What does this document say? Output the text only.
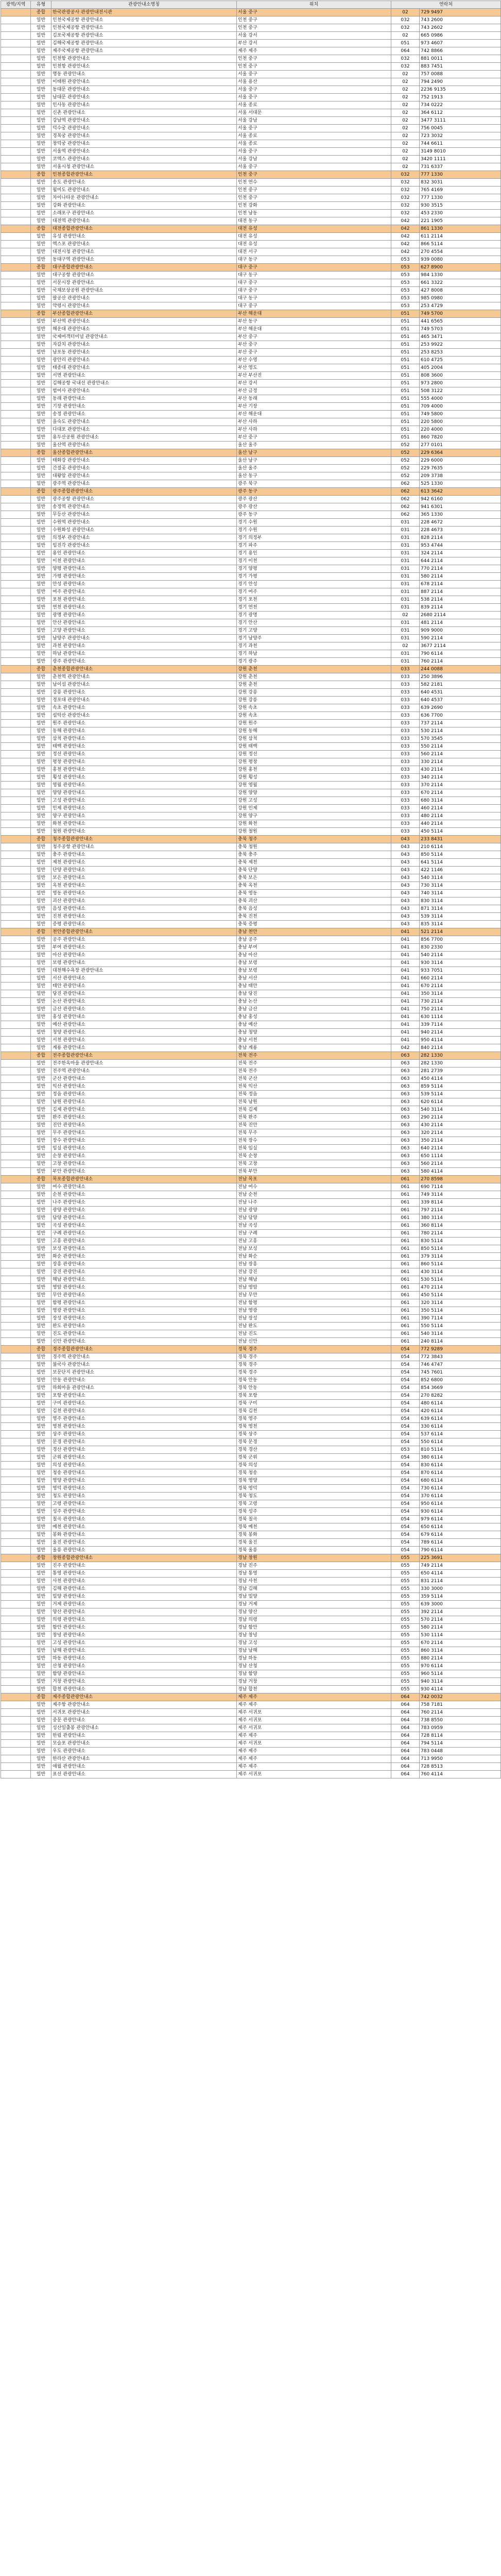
광역/지역	유형	관광안내소명칭	위치	연락처	
	종합	한국관광공사 관광안내전시관	서울 중구	02	729 9497
	일반	인천국제공항 관광안내소	인천 중구	032	743 2600
	일반	인천국제공항 관광안내소	인천 중구	032	743 2602
	일반	김포국제공항 관광안내소	서울 강서	02	665 0986
	일반	김해국제공항 관광안내소	부산 강서	051	973 4607
	일반	제주국제공항 관광안내소	제주 제주	064	742 8866
	일반	인천항 관광안내소	인천 중구	032	881 0011
	일반	인천항 관광안내소	인천 중구	032	883 7451
	일반	명동 관광안내소	서울 중구	02	757 0088
	일반	이태원 관광안내소	서울 용산	02	794 2490
	일반	동대문 관광안내소	서울 중구	02	2236 9135
	일반	남대문 관광안내소	서울 중구	02	752 1913
	일반	인사동 관광안내소	서울 종로	02	734 0222
	일반	신촌 관광안내소	서울 서대문	02	364 6112
	일반	강남역 관광안내소	서울 강남	02	3477 3111
	일반	덕수궁 관광안내소	서울 중구	02	756 0045
	일반	경복궁 관광안내소	서울 종로	02	723 3032
	일반	창덕궁 관광안내소	서울 종로	02	744 6611
	일반	서울역 관광안내소	서울 중구	02	3149 8010
	일반	코엑스 관광안내소	서울 강남	02	3420 1111
	일반	서울시청 관광안내소	서울 중구	02	731 6337
	종합	인천종합관광안내소	인천 중구	032	777 1330
	일반	송도 관광안내소	인천 연수	032	832 3031
	일반	월미도 관광안내소	인천 중구	032	765 4169
	일반	차이나타운 관광안내소	인천 중구	032	777 1330
	일반	강화 관광안내소	인천 강화	032	930 3515
	일반	소래포구 관광안내소	인천 남동	032	453 2330
	일반	대전역 관광안내소	대전 동구	042	221 1905
	종합	대전종합관광안내소	대전 유성	042	861 1330
	일반	유성 관광안내소	대전 유성	042	611 2114
	일반	엑스포 관광안내소	대전 유성	042	866 5114
	일반	대전시청 관광안내소	대전 서구	042	270 4554
	일반	동대구역 관광안내소	대구 동구	053	939 0080
	종합	대구종합관광안내소	대구 중구	053	627 8900
	일반	대구공항 관광안내소	대구 동구	053	984 1330
	일반	서문시장 관광안내소	대구 중구	053	661 3322
	일반	국채보상공원 관광안내소	대구 중구	053	427 8008
	일반	팔공산 관광안내소	대구 동구	053	985 0980
	일반	약령시 관광안내소	대구 중구	053	253 4729
	종합	부산종합관광안내소	부산 해운대	051	749 5700
	일반	부산역 관광안내소	부산 동구	051	441 6565
	일반	해운대 관광안내소	부산 해운대	051	749 5703
	일반	국제여객터미널 관광안내소	부산 중구	051	465 3471
	일반	자갈치 관광안내소	부산 중구	051	253 9922
	일반	남포동 관광안내소	부산 중구	051	253 8253
	일반	광안리 관광안내소	부산 수영	051	610 4725
	일반	태종대 관광안내소	부산 영도	051	405 2004
	일반	서면 관광안내소	부산 부산진	051	808 3600
	일반	김해공항 국내선 관광안내소	부산 강서	051	973 2800
	일반	범어사 관광안내소	부산 금정	051	508 3122
	일반	동래 관광안내소	부산 동래	051	555 4000
	일반	기장 관광안내소	부산 기장	051	709 4000
	일반	송정 관광안내소	부산 해운대	051	749 5800
	일반	을숙도 관광안내소	부산 사하	051	220 5800
	일반	다대포 관광안내소	부산 사하	051	220 4000
	일반	용두산공원 관광안내소	부산 중구	051	860 7820
	일반	울산역 관광안내소	울산 울주	052	277 0101
	종합	울산종합관광안내소	울산 남구	052	229 6364
	일반	태화강 관광안내소	울산 남구	052	229 6000
	일반	간절곶 관광안내소	울산 울주	052	229 7635
	일반	대왕암 관광안내소	울산 동구	052	209 3738
	일반	광주역 관광안내소	광주 북구	062	525 1330
	종합	광주종합관광안내소	광주 동구	062	613 3642
	일반	광주공항 관광안내소	광주 광산	062	942 6160
	일반	송정역 관광안내소	광주 광산	062	941 6301
	일반	무등산 관광안내소	광주 동구	062	365 1330
	일반	수원역 관광안내소	경기 수원	031	228 4672
	일반	수원화성 관광안내소	경기 수원	031	228 4673
	일반	의정부 관광안내소	경기 의정부	031	828 2114
	일반	임진각 관광안내소	경기 파주	031	953 4744
	일반	용인 관광안내소	경기 용인	031	324 2114
	일반	이천 관광안내소	경기 이천	031	644 2114
	일반	양평 관광안내소	경기 양평	031	770 2114
	일반	가평 관광안내소	경기 가평	031	580 2114
	일반	안성 관광안내소	경기 안성	031	678 2114
	일반	여주 관광안내소	경기 여주	031	887 2114
	일반	포천 관광안내소	경기 포천	031	538 2114
	일반	연천 관광안내소	경기 연천	031	839 2114
	일반	광명 관광안내소	경기 광명	02	2680 2114
	일반	안산 관광안내소	경기 안산	031	481 2114
	일반	고양 관광안내소	경기 고양	031	909 9000
	일반	남양주 관광안내소	경기 남양주	031	590 2114
	일반	과천 관광안내소	경기 과천	02	3677 2114
	일반	하남 관광안내소	경기 하남	031	790 6114
	일반	광주 관광안내소	경기 광주	031	760 2114
	종합	춘천종합관광안내소	강원 춘천	033	244 0088
	일반	춘천역 관광안내소	강원 춘천	033	250 3896
	일반	남이섬 관광안내소	강원 춘천	033	582 2181
	일반	강릉 관광안내소	강원 강릉	033	640 4531
	일반	경포대 관광안내소	강원 강릉	033	640 4537
	일반	속초 관광안내소	강원 속초	033	639 2690
	일반	설악산 관광안내소	강원 속초	033	636 7700
	일반	원주 관광안내소	강원 원주	033	737 2114
	일반	동해 관광안내소	강원 동해	033	530 2114
	일반	삼척 관광안내소	강원 삼척	033	570 3545
	일반	태백 관광안내소	강원 태백	033	550 2114
	일반	정선 관광안내소	강원 정선	033	560 2114
	일반	평창 관광안내소	강원 평창	033	330 2114
	일반	홍천 관광안내소	강원 홍천	033	430 2114
	일반	횡성 관광안내소	강원 횡성	033	340 2114
	일반	영월 관광안내소	강원 영월	033	370 2114
	일반	양양 관광안내소	강원 양양	033	670 2114
	일반	고성 관광안내소	강원 고성	033	680 3114
	일반	인제 관광안내소	강원 인제	033	460 2114
	일반	양구 관광안내소	강원 양구	033	480 2114
	일반	화천 관광안내소	강원 화천	033	440 2114
	일반	철원 관광안내소	강원 철원	033	450 5114
	종합	청주종합관광안내소	충북 청주	043	233 8431
	일반	청주공항 관광안내소	충북 청원	043	210 6114
	일반	충주 관광안내소	충북 충주	043	850 5114
	일반	제천 관광안내소	충북 제천	043	641 5114
	일반	단양 관광안내소	충북 단양	043	422 1146
	일반	보은 관광안내소	충북 보은	043	540 3114
	일반	옥천 관광안내소	충북 옥천	043	730 3114
	일반	영동 관광안내소	충북 영동	043	740 3114
	일반	괴산 관광안내소	충북 괴산	043	830 3114
	일반	음성 관광안내소	충북 음성	043	871 3114
	일반	진천 관광안내소	충북 진천	043	539 3114
	일반	증평 관광안내소	충북 증평	043	835 3114
	종합	천안종합관광안내소	충남 천안	041	521 2114
	일반	공주 관광안내소	충남 공주	041	856 7700
	일반	부여 관광안내소	충남 부여	041	830 2330
	일반	아산 관광안내소	충남 아산	041	540 2114
	일반	보령 관광안내소	충남 보령	041	930 3114
	일반	대천해수욕장 관광안내소	충남 보령	041	933 7051
	일반	서산 관광안내소	충남 서산	041	660 2114
	일반	태안 관광안내소	충남 태안	041	670 2114
	일반	당진 관광안내소	충남 당진	041	350 3114
	일반	논산 관광안내소	충남 논산	041	730 2114
	일반	금산 관광안내소	충남 금산	041	750 2114
	일반	홍성 관광안내소	충남 홍성	041	630 1114
	일반	예산 관광안내소	충남 예산	041	339 7114
	일반	청양 관광안내소	충남 청양	041	940 2114
	일반	서천 관광안내소	충남 서천	041	950 4114
	일반	계룡 관광안내소	충남 계룡	042	840 2114
	종합	전주종합관광안내소	전북 전주	063	282 1330
	일반	전주한옥마을 관광안내소	전북 전주	063	282 1330
	일반	전주역 관광안내소	전북 전주	063	281 2739
	일반	군산 관광안내소	전북 군산	063	450 4114
	일반	익산 관광안내소	전북 익산	063	859 5114
	일반	정읍 관광안내소	전북 정읍	063	539 5114
	일반	남원 관광안내소	전북 남원	063	620 6114
	일반	김제 관광안내소	전북 김제	063	540 3114
	일반	완주 관광안내소	전북 완주	063	290 2114
	일반	진안 관광안내소	전북 진안	063	430 2114
	일반	무주 관광안내소	전북 무주	063	320 2114
	일반	장수 관광안내소	전북 장수	063	350 2114
	일반	임실 관광안내소	전북 임실	063	640 2114
	일반	순창 관광안내소	전북 순창	063	650 1114
	일반	고창 관광안내소	전북 고창	063	560 2114
	일반	부안 관광안내소	전북 부안	063	580 4114
	종합	목포종합관광안내소	전남 목포	061	270 8598
	일반	여수 관광안내소	전남 여수	061	690 7114
	일반	순천 관광안내소	전남 순천	061	749 3114
	일반	나주 관광안내소	전남 나주	061	339 8114
	일반	광양 관광안내소	전남 광양	061	797 2114
	일반	담양 관광안내소	전남 담양	061	380 3114
	일반	곡성 관광안내소	전남 곡성	061	360 8114
	일반	구례 관광안내소	전남 구례	061	780 2114
	일반	고흥 관광안내소	전남 고흥	061	830 5114
	일반	보성 관광안내소	전남 보성	061	850 5114
	일반	화순 관광안내소	전남 화순	061	379 3114
	일반	장흥 관광안내소	전남 장흥	061	860 5114
	일반	강진 관광안내소	전남 강진	061	430 3114
	일반	해남 관광안내소	전남 해남	061	530 5114
	일반	영암 관광안내소	전남 영암	061	470 2114
	일반	무안 관광안내소	전남 무안	061	450 5114
	일반	함평 관광안내소	전남 함평	061	320 3114
	일반	영광 관광안내소	전남 영광	061	350 5114
	일반	장성 관광안내소	전남 장성	061	390 7114
	일반	완도 관광안내소	전남 완도	061	550 5114
	일반	진도 관광안내소	전남 진도	061	540 3114
	일반	신안 관광안내소	전남 신안	061	240 8114
	종합	경주종합관광안내소	경북 경주	054	772 9289
	일반	경주역 관광안내소	경북 경주	054	772 3843
	일반	불국사 관광안내소	경북 경주	054	746 4747
	일반	보문단지 관광안내소	경북 경주	054	745 7601
	일반	안동 관광안내소	경북 안동	054	852 6800
	일반	하회마을 관광안내소	경북 안동	054	854 3669
	일반	포항 관광안내소	경북 포항	054	270 8282
	일반	구미 관광안내소	경북 구미	054	480 6114
	일반	김천 관광안내소	경북 김천	054	420 6114
	일반	영주 관광안내소	경북 영주	054	639 6114
	일반	영천 관광안내소	경북 영천	054	330 6114
	일반	상주 관광안내소	경북 상주	054	537 6114
	일반	문경 관광안내소	경북 문경	054	550 6114
	일반	경산 관광안내소	경북 경산	053	810 5114
	일반	군위 관광안내소	경북 군위	054	380 6114
	일반	의성 관광안내소	경북 의성	054	830 6114
	일반	청송 관광안내소	경북 청송	054	870 6114
	일반	영양 관광안내소	경북 영양	054	680 6114
	일반	영덕 관광안내소	경북 영덕	054	730 6114
	일반	청도 관광안내소	경북 청도	054	370 6114
	일반	고령 관광안내소	경북 고령	054	950 6114
	일반	성주 관광안내소	경북 성주	054	930 6114
	일반	칠곡 관광안내소	경북 칠곡	054	979 6114
	일반	예천 관광안내소	경북 예천	054	650 6114
	일반	봉화 관광안내소	경북 봉화	054	679 6114
	일반	울진 관광안내소	경북 울진	054	789 6114
	일반	울릉 관광안내소	경북 울릉	054	790 6114
	종합	창원종합관광안내소	경남 창원	055	225 3691
	일반	진주 관광안내소	경남 진주	055	749 2114
	일반	통영 관광안내소	경남 통영	055	650 4114
	일반	사천 관광안내소	경남 사천	055	831 2114
	일반	김해 관광안내소	경남 김해	055	330 3000
	일반	밀양 관광안내소	경남 밀양	055	359 5114
	일반	거제 관광안내소	경남 거제	055	639 3000
	일반	양산 관광안내소	경남 양산	055	392 2114
	일반	의령 관광안내소	경남 의령	055	570 2114
	일반	함안 관광안내소	경남 함안	055	580 2114
	일반	창녕 관광안내소	경남 창녕	055	530 1114
	일반	고성 관광안내소	경남 고성	055	670 2114
	일반	남해 관광안내소	경남 남해	055	860 3114
	일반	하동 관광안내소	경남 하동	055	880 2114
	일반	산청 관광안내소	경남 산청	055	970 6114
	일반	함양 관광안내소	경남 함양	055	960 5114
	일반	거창 관광안내소	경남 거창	055	940 3114
	일반	합천 관광안내소	경남 합천	055	930 4114
	종합	제주종합관광안내소	제주 제주	064	742 0032
	일반	제주항 관광안내소	제주 제주	064	758 7181
	일반	서귀포 관광안내소	제주 서귀포	064	760 2114
	일반	중문 관광안내소	제주 서귀포	064	738 8550
	일반	성산일출봉 관광안내소	제주 서귀포	064	783 0959
	일반	한림 관광안내소	제주 제주	064	728 8114
	일반	모슬포 관광안내소	제주 서귀포	064	794 5114
	일반	우도 관광안내소	제주 제주	064	783 0448
	일반	한라산 관광안내소	제주 제주	064	713 9950
	일반	애월 관광안내소	제주 제주	064	728 8513
	일반	표선 관광안내소	제주 서귀포	064	760 4114
